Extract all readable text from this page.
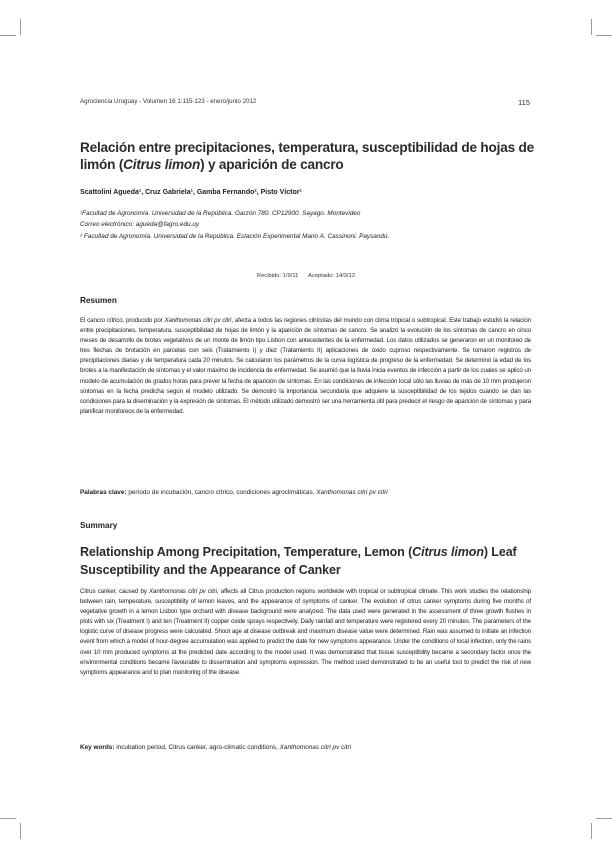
Agrociencia Uruguay - Volumen 16 1:115-123 - enero/junio 2012	115
Relación entre precipitaciones, temperatura, susceptibilidad de hojas de limón (Citrus limon) y aparición de cancro
Scattolini Agueda¹, Cruz Gabriela¹, Gamba Fernando², Pisto Víctor¹
¹Facultad de Agronomía. Universidad de la República. Garzón 780. CP12900. Sayago. Montevideo
Correo electrónico: agueda@fagro.edu.uy
² Facultad de Agronomía. Universidad de la República. Estación Experimental Mario A. Cassinoni. Paysandú.
Recibido: 1/9/11 Aceptado: 14/3/12
Resumen

El cancro cítrico, producido por Xanthomonas citri pv citri, afecta a todos las regiones citrícolas del mundo con clima tropical o subtropical. Este trabajo estudió la relación entre precipitaciones, temperatura, susceptibilidad de hojas de limón y la aparición de síntomas de cancro. Se analizó la evolución de los síntomas de cancro en cinco meses de desarrollo de brotes vegetativos de un monte de limón tipo Lisbon con antecedentes de la enfermedad. Los datos utilizados se generaron en un monitoreo de tres flechas de brotación en parcelas con seis (Tratamiento I) y diez (Tratamiento II) aplicaciones de óxido cuproso respectivamente. Se tomaron registros de precipitaciones diarias y de temperatura cada 20 minutos. Se calcularon los parámetros de la curva logística de progreso de la enfermedad. Se determinó la edad de los brotes a la manifestación de síntomas y el valor máximo de incidencia de enfermedad. Se asumió que la lluvia inicia eventos de infección a partir de los cuales se aplicó un modelo de acumulación de grados horas para prever la fecha de aparición de síntomas. En las condiciones de infección local sólo las lluvias de más de 10 mm produjeron síntomas en la fecha predicha según el modelo utilizado. Se demostró la importancia secundaria que adquiere la susceptibilidad de los tejidos cuando se dan las condiciones para la diseminación y la expresión de síntomas. El método utilizado demostró ser una herramienta útil para predecir el riesgo de aparición de síntomas y para planificar monitoreos de la enfermedad.

Palabras clave: período de incubación, cancro cítrico, condiciones agroclimáticas, Xanthomonas citri pv citri
Summary
Relationship Among Precipitation, Temperature, Lemon (Citrus limon) Leaf Susceptibility and the Appearance of Canker

Citrus canker, caused by Xanthomonas citri pv citri, affects all Citrus production regions worldwide with tropical or subtropical climate. This work studies the relationship between rain, temperature, susceptibility of lemon leaves, and the appearance of symptoms of canker. The evolution of citrus canker symptoms during five months of vegetative growth in a lemon Lisbon type orchard with disease background were analyzed. The data used were generated in the assessment of three growth flushes in plots with six (Treatment I) and ten (Treatment II) copper oxide sprays respectively. Daily rainfall and temperature were registered every 20 minutes. The parameters of the logistic curve of disease progress were calculated. Shoot age at disease outbreak and maximum disease value were determined. Rain was assumed to initiate an infection event from which a model of hour-degree accumulation was applied to predict the date for new symptoms appearance. Under the conditions of local infection, only the rains over 10 mm produced symptoms at the predicted date according to the model used. It was demonstrated that tissue susceptibility became a secondary factor once the environmental conditions became favourable to dissemination and symptoms expression. The method used demonstrated to be an useful tool to predict the risk of new symptoms appearance and to plan monitoring of the disease.

Key words: incubation period, Citrus canker, agro-climatic conditions, Xanthomonas citri pv citri
